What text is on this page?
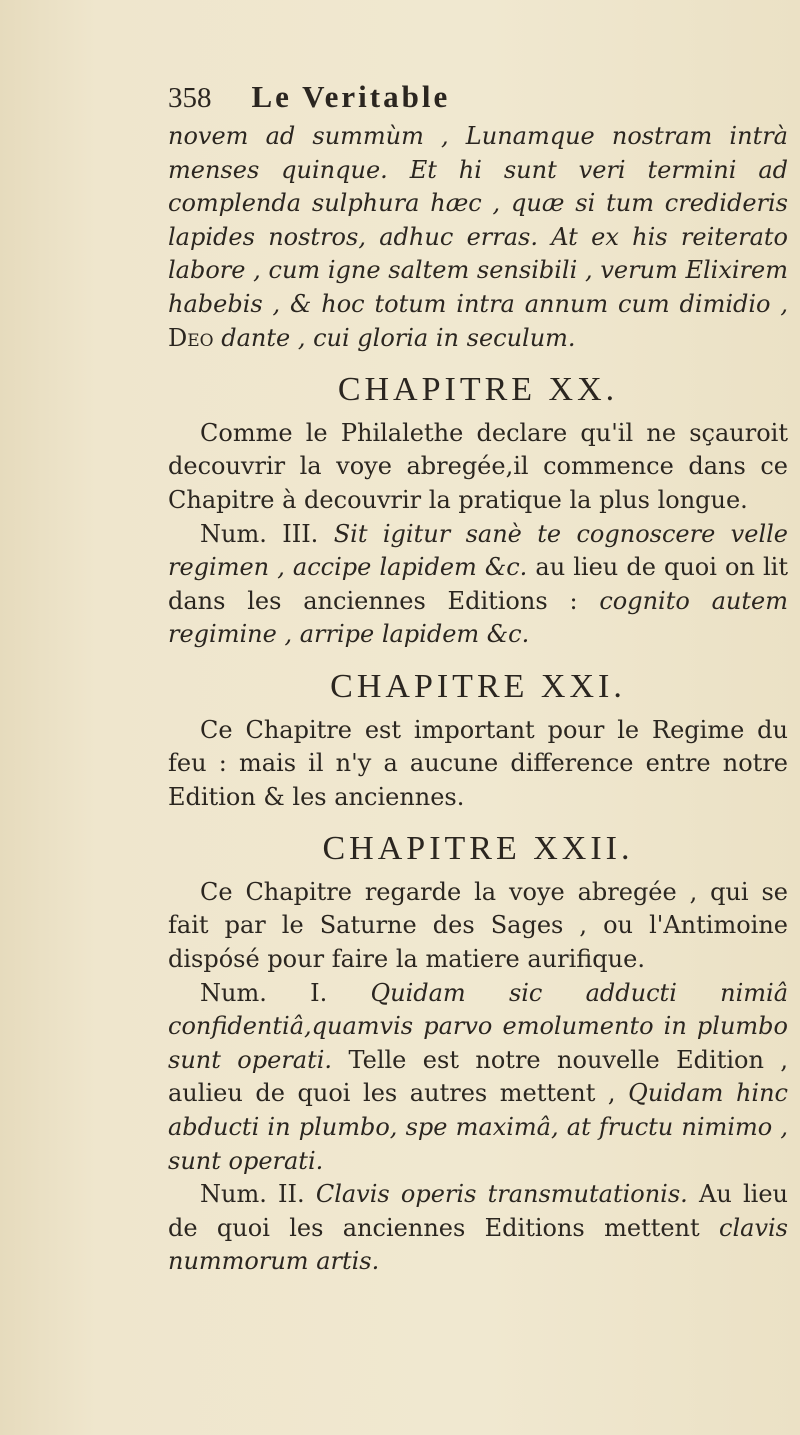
358 Le Veritable

novem ad summùm , Lunamque nostram intrà menses quinque. Et hi sunt veri termini ad complenda sulphura hæc , quæ si tum credideris lapides nostros, adhuc erras. At ex his reiterato labore , cum igne saltem sensibili , verum Elixirem habebis , & hoc totum intra annum cum dimidio , Deo dante , cui gloria in seculum.

CHAPITRE XX.

Comme le Philalethe declare qu'il ne sçauroit decouvrir la voye abregée,il commence dans ce Chapitre à decouvrir la pratique la plus longue.

Num. III. Sit igitur sanè te cognoscere velle regimen , accipe lapidem &c. au lieu de quoi on lit dans les anciennes Editions : cognito autem regimine , arripe lapidem &c.

CHAPITRE XXI.

Ce Chapitre est important pour le Regime du feu : mais il n'y a aucune difference entre notre Edition & les anciennes.

CHAPITRE XXII.

Ce Chapitre regarde la voye abregée , qui se fait par le Saturne des Sages , ou l'Antimoine dispósé pour faire la matiere aurifique.

Num. I. Quidam sic adducti nimiâ confidentiâ,quamvis parvo emolumento in plumbo sunt operati. Telle est notre nouvelle Edition , aulieu de quoi les autres mettent , Quidam hinc abducti in plumbo, spe maximâ, at fructu nimimo , sunt operati.

Num. II. Clavis operis transmutationis. Au lieu de quoi les anciennes Editions mettent clavis nummorum artis.
